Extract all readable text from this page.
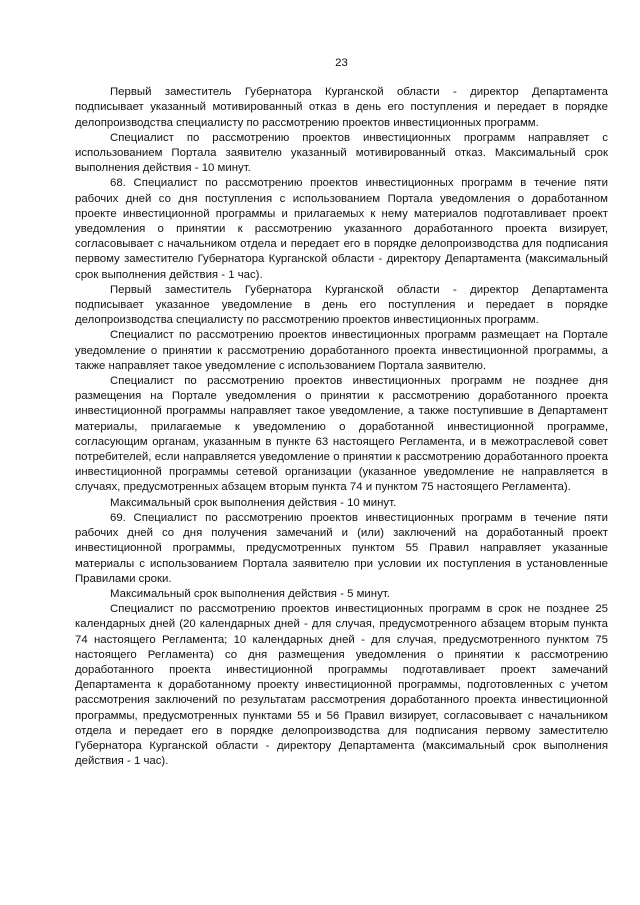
23

Первый заместитель Губернатора Курганской области - директор Департамента подписывает указанный мотивированный отказ в день его поступления и передает в порядке делопроизводства специалисту по рассмотрению проектов инвестиционных программ.

Специалист по рассмотрению проектов инвестиционных программ направляет с использованием Портала заявителю указанный мотивированный отказ. Максимальный срок выполнения действия - 10 минут.

68. Специалист по рассмотрению проектов инвестиционных программ в течение пяти рабочих дней со дня поступления с использованием Портала уведомления о доработанном проекте инвестиционной программы и прилагаемых к нему материалов подготавливает проект уведомления о принятии к рассмотрению указанного доработанного проекта визирует, согласовывает с начальником отдела и передает его в порядке делопроизводства для подписания первому заместителю Губернатора Курганской области - директору Департамента (максимальный срок выполнения действия - 1 час).

Первый заместитель Губернатора Курганской области - директор Департамента подписывает указанное уведомление в день его поступления и передает в порядке делопроизводства специалисту по рассмотрению проектов инвестиционных программ.

Специалист по рассмотрению проектов инвестиционных программ размещает на Портале уведомление о принятии к рассмотрению доработанного проекта инвестиционной программы, а также направляет такое уведомление с использованием Портала заявителю.

Специалист по рассмотрению проектов инвестиционных программ не позднее дня размещения на Портале уведомления о принятии к рассмотрению доработанного проекта инвестиционной программы направляет такое уведомление, а также поступившие в Департамент материалы, прилагаемые к уведомлению о доработанной инвестиционной программе, согласующим органам, указанным в пункте 63 настоящего Регламента, и в межотраслевой совет потребителей, если направляется уведомление о принятии к рассмотрению доработанного проекта инвестиционной программы сетевой организации (указанное уведомление не направляется в случаях, предусмотренных абзацем вторым пункта 74 и пунктом 75 настоящего Регламента).

Максимальный срок выполнения действия - 10 минут.

69. Специалист по рассмотрению проектов инвестиционных программ в течение пяти рабочих дней со дня получения замечаний и (или) заключений на доработанный проект инвестиционной программы, предусмотренных пунктом 55 Правил направляет указанные материалы с использованием Портала заявителю при условии их поступления в установленные Правилами сроки.

Максимальный срок выполнения действия - 5 минут.

Специалист по рассмотрению проектов инвестиционных программ в срок не позднее 25 календарных дней (20 календарных дней - для случая, предусмотренного абзацем вторым пункта 74 настоящего Регламента; 10 календарных дней - для случая, предусмотренного пунктом 75 настоящего Регламента) со дня размещения уведомления о принятии к рассмотрению доработанного проекта инвестиционной программы подготавливает проект замечаний Департамента к доработанному проекту инвестиционной программы, подготовленных с учетом рассмотрения заключений по результатам рассмотрения доработанного проекта инвестиционной программы, предусмотренных пунктами 55 и 56 Правил визирует, согласовывает с начальником отдела и передает его в порядке делопроизводства для подписания первому заместителю Губернатора Курганской области - директору Департамента (максимальный срок выполнения действия - 1 час).
